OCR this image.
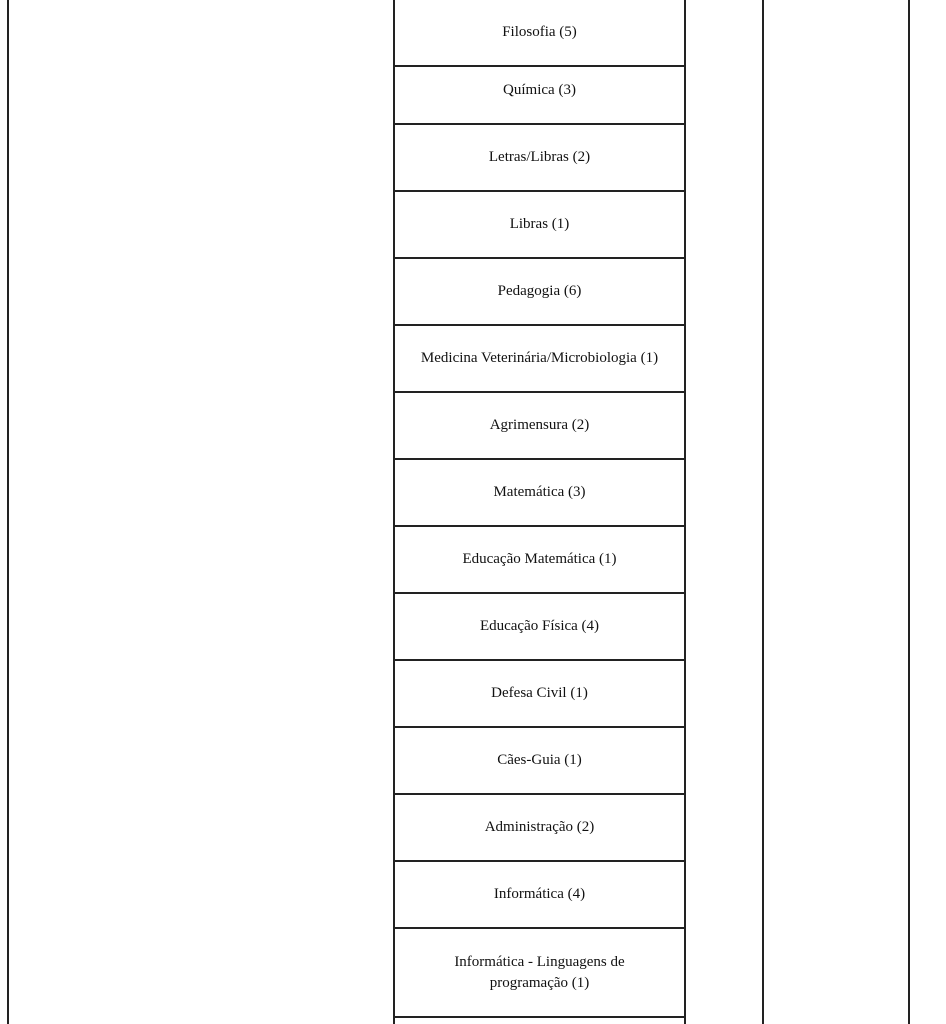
Filosofia (5)
Química (3)
Letras/Libras (2)
Libras (1)
Pedagogia (6)
Medicina Veterinária/Microbiologia (1)
Agrimensura (2)
Matemática (3)
Educação Matemática (1)
Educação Física (4)
Defesa Civil (1)
Cães-Guia (1)
Administração (2)
Informática (4)
Informática - Linguagens de programação (1)
